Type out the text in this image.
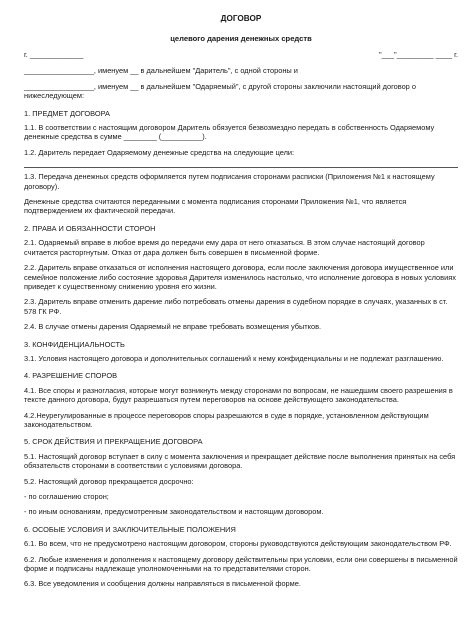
ДОГОВОР
целевого дарения денежных средств
г. _____________	"___"_________ ____ г.

_________________, именуем __ в дальнейшем "Даритель", с одной стороны и

_________________, именуем __ в дальнейшем "Одаряемый", с другой стороны заключили настоящий договор о нижеследующем:

1. ПРЕДМЕТ ДОГОВОРА

1.1. В соответствии с настоящим договором Даритель обязуется безвозмездно передать в собственность Одаряемому денежные средства в сумме ________ (__________).

1.2. Даритель передает Одаряемому денежные средства на следующие цели:

1.3. Передача денежных средств оформляется путем подписания сторонами расписки (Приложения №1 к настоящему договору).

Денежные средства считаются переданными с момента подписания сторонами Приложения №1, что является подтверждением их фактической передачи.

2. ПРАВА И ОБЯЗАННОСТИ СТОРОН

2.1. Одаряемый вправе в любое время до передачи ему дара от него отказаться. В этом случае настоящий договор считается расторгнутым. Отказ от дара должен быть совершен в письменной форме.

2.2. Даритель вправе отказаться от исполнения настоящего договора, если после заключения договора имущественное или семейное положение либо состояние здоровья Дарителя изменилось настолько, что исполнение договора в новых условиях приведет к существенному снижению уровня его жизни.

2.3. Даритель вправе отменить дарение либо потребовать отмены дарения в судебном порядке в случаях, указанных в ст. 578 ГК РФ.

2.4. В случае отмены дарения Одаряемый не вправе требовать возмещения убытков.

3. КОНФИДЕНЦИАЛЬНОСТЬ

3.1. Условия настоящего договора и дополнительных соглашений к нему конфиденциальны и не подлежат разглашению.

4. РАЗРЕШЕНИЕ СПОРОВ

4.1. Все споры и разногласия, которые могут возникнуть между сторонами по вопросам, не нашедшим своего разрешения в тексте данного договора, будут разрешаться путем переговоров на основе действующего законодательства.

4.2.Неурегулированные в процессе переговоров споры разрешаются в суде в порядке, установленном действующим законодательством.

5. СРОК ДЕЙСТВИЯ И ПРЕКРАЩЕНИЕ ДОГОВОРА

5.1. Настоящий договор вступает в силу с момента заключения и прекращает действие после выполнения принятых на себя обязательств сторонами в соответствии с условиями договора.

5.2. Настоящий договор прекращается досрочно:

- по соглашению сторон;

- по иным основаниям, предусмотренным законодательством и настоящим договором.

6. ОСОБЫЕ УСЛОВИЯ И ЗАКЛЮЧИТЕЛЬНЫЕ ПОЛОЖЕНИЯ

6.1. Во всем, что не предусмотрено настоящим договором, стороны руководствуются действующим законодательством РФ.

6.2. Любые изменения и дополнения к настоящему договору действительны при условии, если они совершены в письменной форме и подписаны надлежаще уполномоченными на то представителями сторон.

6.3. Все уведомления и сообщения должны направляться в письменной форме.
